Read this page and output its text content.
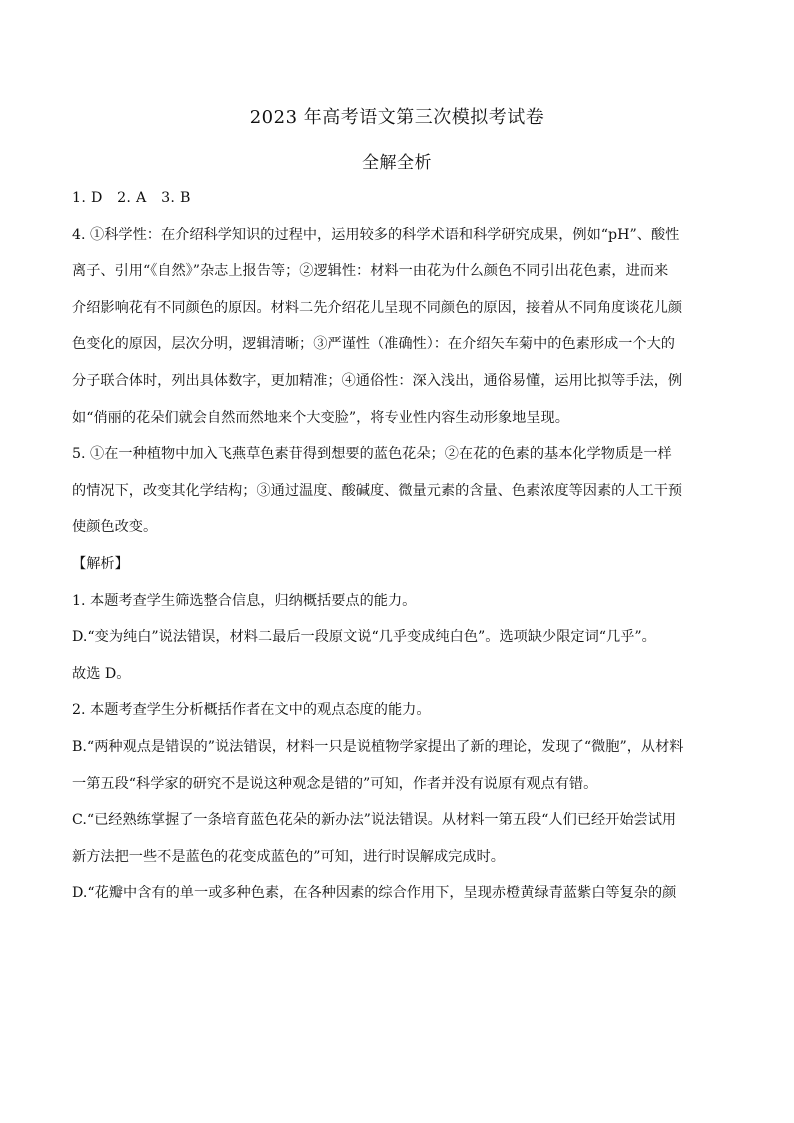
2023 年高考语文第三次模拟考试卷
全解全析
1. D　2. A　3. B
4. ①科学性：在介绍科学知识的过程中，运用较多的科学术语和科学研究成果，例如“pH”、酸性
离子、引用“《自然》”杂志上报告等；②逻辑性：材料一由花为什么颜色不同引出花色素，进而来
介绍影响花有不同颜色的原因。材料二先介绍花儿呈现不同颜色的原因，接着从不同角度谈花儿颜
色变化的原因，层次分明，逻辑清晰；③严谨性（准确性）：在介绍矢车菊中的色素形成一个大的
分子联合体时，列出具体数字，更加精准；④通俗性：深入浅出，通俗易懂，运用比拟等手法，例
如“俏丽的花朵们就会自然而然地来个大变脸”，将专业性内容生动形象地呈现。
5. ①在一种植物中加入飞燕草色素苷得到想要的蓝色花朵；②在花的色素的基本化学物质是一样
的情况下，改变其化学结构；③通过温度、酸碱度、微量元素的含量、色素浓度等因素的人工干预
使颜色改变。
【解析】
1. 本题考查学生筛选整合信息，归纳概括要点的能力。
D.“变为纯白”说法错误，材料二最后一段原文说“几乎变成纯白色”。选项缺少限定词“几乎”。
故选 D。
2. 本题考查学生分析概括作者在文中的观点态度的能力。
B.“两种观点是错误的”说法错误，材料一只是说植物学家提出了新的理论，发现了“微胞”，从材料
一第五段“科学家的研究不是说这种观念是错的”可知，作者并没有说原有观点有错。
C.“已经熟练掌握了一条培育蓝色花朵的新办法”说法错误。从材料一第五段“人们已经开始尝试用
新方法把一些不是蓝色的花变成蓝色的”可知，进行时误解成完成时。
D.“花瓣中含有的单一或多种色素，在各种因素的综合作用下，呈现赤橙黄绿青蓝紫白等复杂的颜
